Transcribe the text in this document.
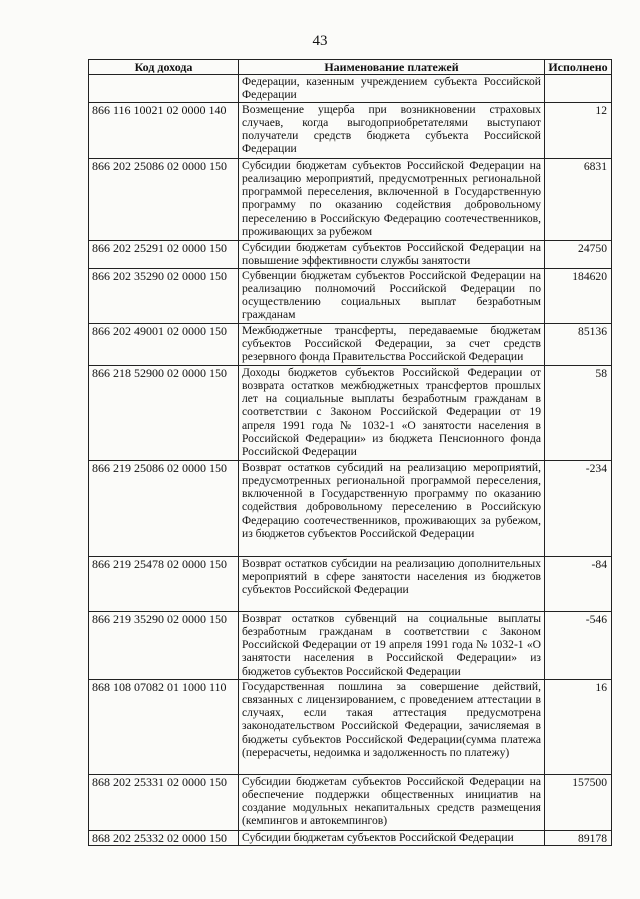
43
Код дохода	Наименование платежей	Исполнено
	Федерации, казенным учреждением субъекта Российской Федерации	
866 116 10021 02 0000 140	Возмещение ущерба при возникновении страховых случаев, когда выгодоприобретателями выступают получатели средств бюджета субъекта Российской Федерации	12
866 202 25086 02 0000 150	Субсидии бюджетам субъектов Российской Федерации на реализацию мероприятий, предусмотренных региональной программой переселения, включенной в Государственную программу по оказанию содействия добровольному переселению в Российскую Федерацию соотечественников, проживающих за рубежом	6831
866 202 25291 02 0000 150	Субсидии бюджетам субъектов Российской Федерации на повышение эффективности службы занятости	24750
866 202 35290 02 0000 150	Субвенции бюджетам субъектов Российской Федерации на реализацию полномочий Российской Федерации по осуществлению социальных выплат безработным гражданам	184620
866 202 49001 02 0000 150	Межбюджетные трансферты, передаваемые бюджетам субъектов Российской Федерации, за счет средств резервного фонда Правительства Российской Федерации	85136
866 218 52900 02 0000 150	Доходы бюджетов субъектов Российской Федерации от возврата остатков межбюджетных трансфертов прошлых лет на социальные выплаты безработным гражданам в соответствии с Законом Российской Федерации от 19 апреля 1991 года № 1032-1 «О занятости населения в Российской Федерации» из бюджета Пенсионного фонда Российской Федерации	58
866 219 25086 02 0000 150	Возврат остатков субсидий на реализацию мероприятий, предусмотренных региональной программой переселения, включенной в Государственную программу по оказанию содействия добровольному переселению в Российскую Федерацию соотечественников, проживающих за рубежом, из бюджетов субъектов Российской Федерации	-234
866 219 25478 02 0000 150	Возврат остатков субсидии на реализацию дополнительных мероприятий в сфере занятости населения из бюджетов субъектов Российской Федерации	-84
866 219 35290 02 0000 150	Возврат остатков субвенций на социальные выплаты безработным гражданам в соответствии с Законом Российской Федерации от 19 апреля 1991 года № 1032-1 «О занятости населения в Российской Федерации» из бюджетов субъектов Российской Федерации	-546
868 108 07082 01 1000 110	Государственная пошлина за совершение действий, связанных с лицензированием, с проведением аттестации в случаях, если такая аттестация предусмотрена законодательством Российской Федерации, зачисляемая в бюджеты субъектов Российской Федерации(сумма платежа (перерасчеты, недоимка и задолженность по платежу)	16
868 202 25331 02 0000 150	Субсидии бюджетам субъектов Российской Федерации на обеспечение поддержки общественных инициатив на создание модульных некапитальных средств размещения (кемпингов и автокемпингов)	157500
868 202 25332 02 0000 150	Субсидии бюджетам субъектов Российской Федерации	89178
